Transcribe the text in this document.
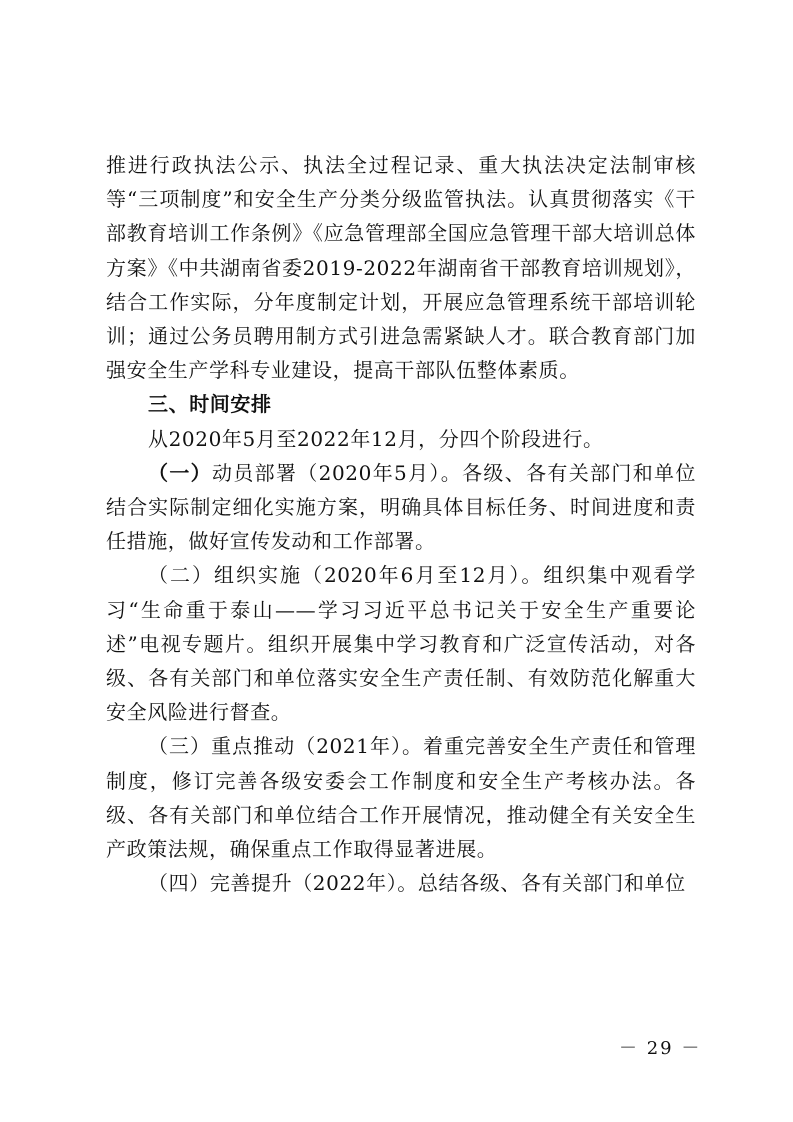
推进行政执法公示、执法全过程记录、重大执法决定法制审核等“三项制度”和安全生产分类分级监管执法。认真贯彻落实《干部教育培训工作条例》《应急管理部全国应急管理干部大培训总体方案》《中共湖南省委2019-2022年湖南省干部教育培训规划》，结合工作实际，分年度制定计划，开展应急管理系统干部培训轮训；通过公务员聘用制方式引进急需紧缺人才。联合教育部门加强安全生产学科专业建设，提高干部队伍整体素质。

三、时间安排

从2020年5月至2022年12月，分四个阶段进行。

（一）动员部署（2020年5月）。各级、各有关部门和单位结合实际制定细化实施方案，明确具体目标任务、时间进度和责任措施，做好宣传发动和工作部署。

（二）组织实施（2020年6月至12月）。组织集中观看学习“生命重于泰山——学习习近平总书记关于安全生产重要论述”电视专题片。组织开展集中学习教育和广泛宣传活动，对各级、各有关部门和单位落实安全生产责任制、有效防范化解重大安全风险进行督查。

（三）重点推动（2021年）。着重完善安全生产责任和管理制度，修订完善各级安委会工作制度和安全生产考核办法。各级、各有关部门和单位结合工作开展情况，推动健全有关安全生产政策法规，确保重点工作取得显著进展。

（四）完善提升（2022年）。总结各级、各有关部门和单位

－ 29 －
